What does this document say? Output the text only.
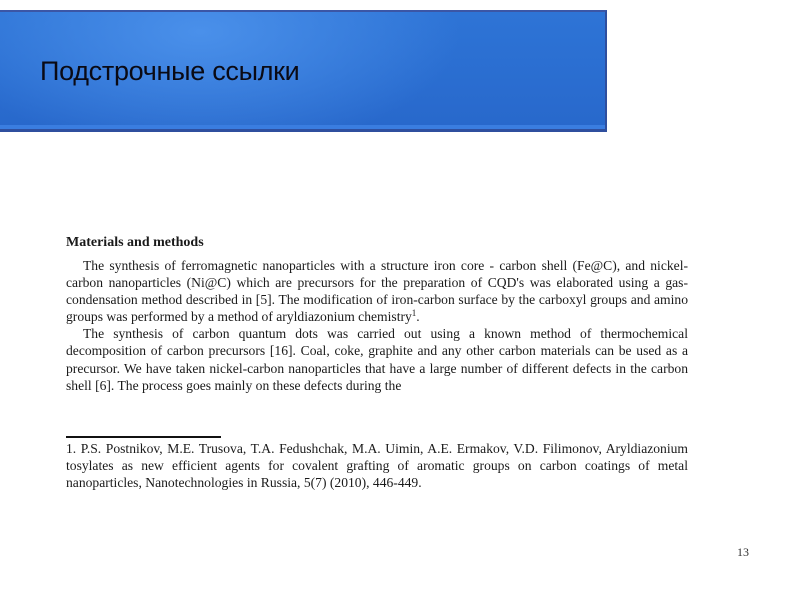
Подстрочные ссылки
Materials and methods

The synthesis of ferromagnetic nanoparticles with a structure iron core - carbon shell (Fe@C), and nickel-carbon nanoparticles (Ni@C) which are precursors for the preparation of CQD's was elaborated using a gas-condensation method described in [5]. The modification of iron-carbon surface by the carboxyl groups and amino groups was performed by a method of aryldiazonium chemistry$^1$.

The synthesis of carbon quantum dots was carried out using a known method of thermochemical decomposition of carbon precursors [16]. Coal, coke, graphite and any other carbon materials can be used as a precursor. We have taken nickel-carbon nanoparticles that have a large number of different defects in the carbon shell [6]. The process goes mainly on these defects during the

1. P.S. Postnikov, M.E. Trusova, T.A. Fedushchak, M.A. Uimin, A.E. Ermakov, V.D. Filimonov, Aryldiazonium tosylates as new efficient agents for covalent grafting of aromatic groups on carbon coatings of metal nanoparticles, Nanotechnologies in Russia, 5(7) (2010), 446-449.
13
